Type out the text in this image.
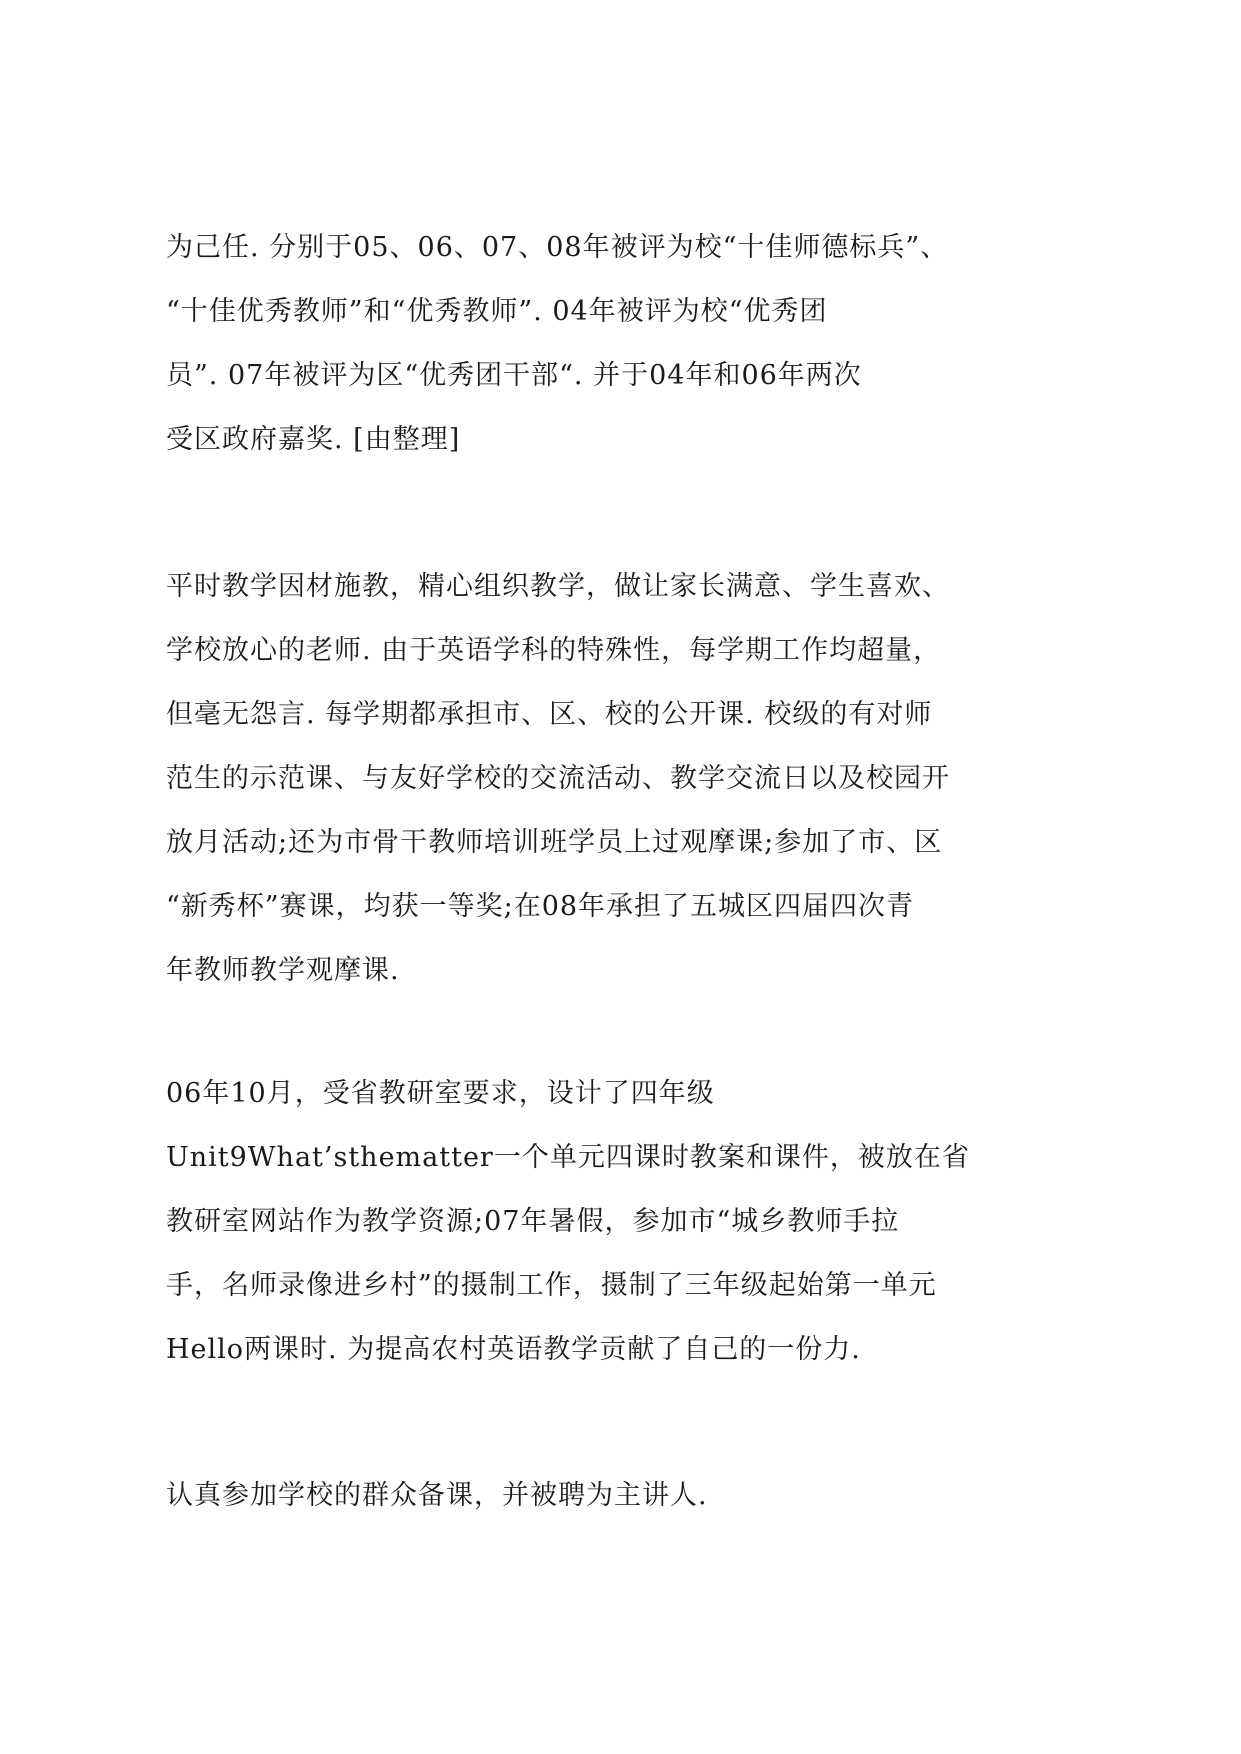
为己任. 分别于05、06、07、08年被评为校“十佳师德标兵”、
“十佳优秀教师”和“优秀教师”. 04年被评为校“优秀团
员”. 07年被评为区“优秀团干部“. 并于04年和06年两次
受区政府嘉奖. [由整理]
平时教学因材施教，精心组织教学，做让家长满意、学生喜欢、
学校放心的老师. 由于英语学科的特殊性，每学期工作均超量，
但毫无怨言. 每学期都承担市、区、校的公开课. 校级的有对师
范生的示范课、与友好学校的交流活动、教学交流日以及校园开
放月活动;还为市骨干教师培训班学员上过观摩课;参加了市、区
“新秀杯”赛课，均获一等奖;在08年承担了五城区四届四次青
年教师教学观摩课.
06年10月，受省教研室要求，设计了四年级
Unit9What’sthematter一个单元四课时教案和课件，被放在省
教研室网站作为教学资源;07年暑假，参加市“城乡教师手拉
手，名师录像进乡村”的摄制工作，摄制了三年级起始第一单元
Hello两课时. 为提高农村英语教学贡献了自己的一份力.
认真参加学校的群众备课，并被聘为主讲人.
